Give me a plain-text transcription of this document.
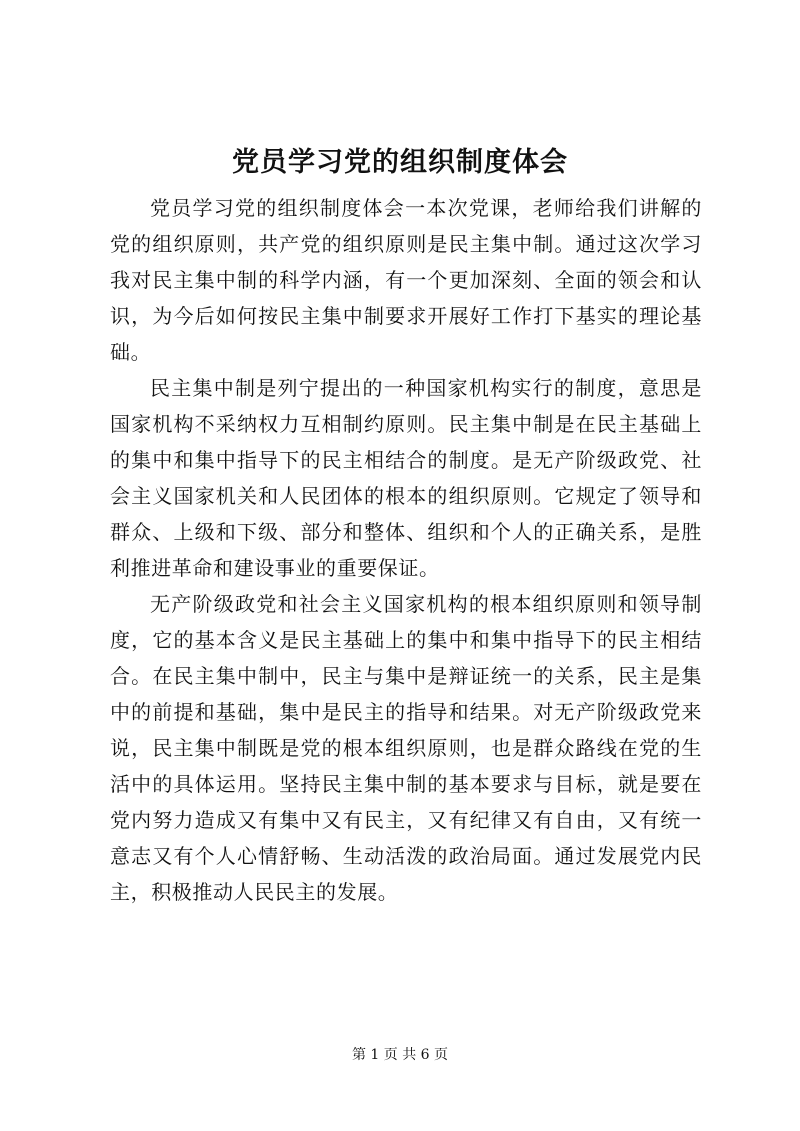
党员学习党的组织制度体会

党员学习党的组织制度体会一本次党课，老师给我们讲解的党的组织原则，共产党的组织原则是民主集中制。通过这次学习我对民主集中制的科学内涵，有一个更加深刻、全面的领会和认识，为今后如何按民主集中制要求开展好工作打下基实的理论基础。

民主集中制是列宁提出的一种国家机构实行的制度，意思是国家机构不采纳权力互相制约原则。民主集中制是在民主基础上的集中和集中指导下的民主相结合的制度。是无产阶级政党、社会主义国家机关和人民团体的根本的组织原则。它规定了领导和群众、上级和下级、部分和整体、组织和个人的正确关系，是胜利推进革命和建设事业的重要保证。

无产阶级政党和社会主义国家机构的根本组织原则和领导制度，它的基本含义是民主基础上的集中和集中指导下的民主相结合。在民主集中制中，民主与集中是辩证统一的关系，民主是集中的前提和基础，集中是民主的指导和结果。对无产阶级政党来说，民主集中制既是党的根本组织原则，也是群众路线在党的生活中的具体运用。坚持民主集中制的基本要求与目标，就是要在党内努力造成又有集中又有民主，又有纪律又有自由，又有统一意志又有个人心情舒畅、生动活泼的政治局面。通过发展党内民主，积极推动人民民主的发展。

第 1 页 共 6 页
